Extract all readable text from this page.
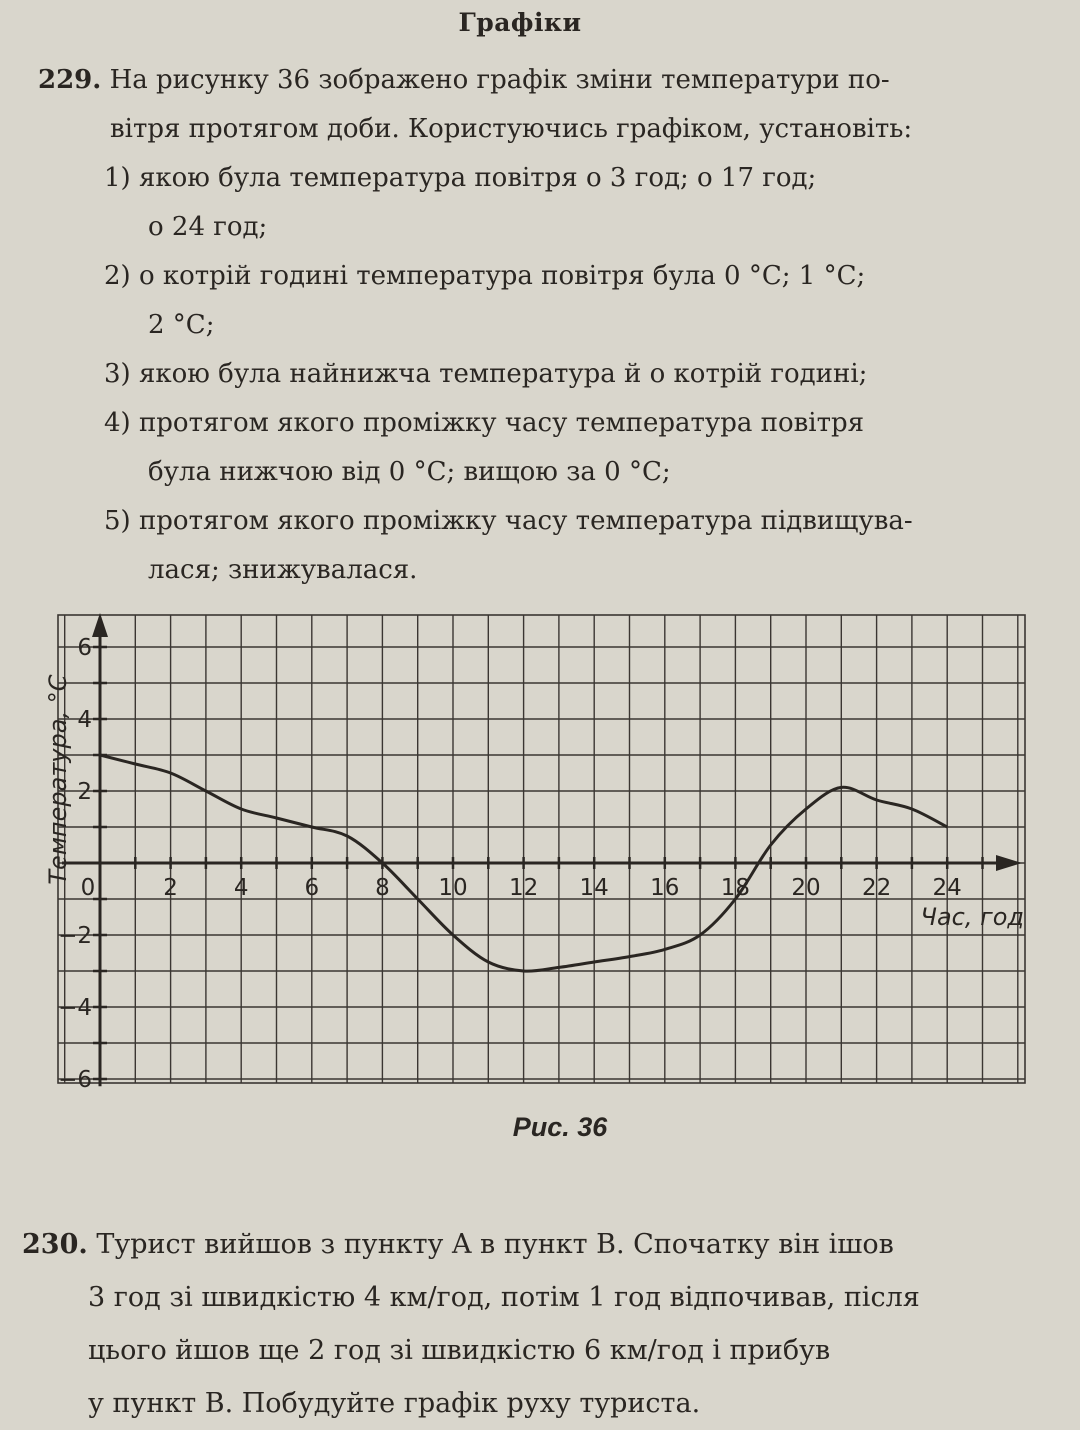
Графіки
229. На рисунку 36 зображено графік зміни температури по-
вітря протягом доби. Користуючись графіком, установіть:
1) якою була температура повітря о 3 год; о 17 год;
о 24 год;
2) о котрій годині температура повітря була 0 °C; 1 °C;
2 °C;
3) якою була найнижча температура й о котрій годині;
4) протягом якого проміжку часу температура повітря
була нижчою від 0 °C; вищою за 0 °C;
5) протягом якого проміжку часу температура підвищува-
лася; знижувалася.
0	2 4 6 8 10 12 14 16 18 20 22 24
6
4
2
−2
−4
−6
Температура, °C
Час, год
Рис. 36
230. Турист вийшов з пункту A в пункт B. Спочатку він ішов
3 год зі швидкістю 4 км/год, потім 1 год відпочивав, після
цього йшов ще 2 год зі швидкістю 6 км/год і прибув
у пункт B. Побудуйте графік руху туриста.
